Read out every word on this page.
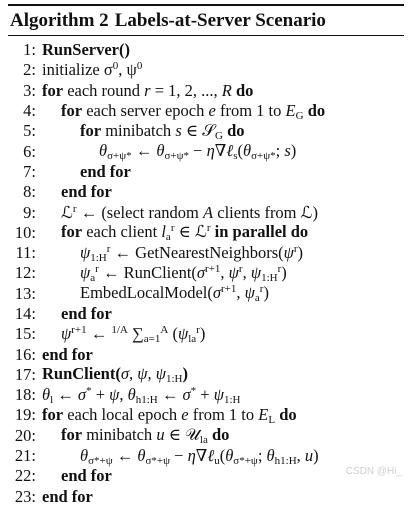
Algorithm 2 Labels-at-Server Scenario
1: RunServer()
2: initialize $\sigma^0$, $\psi^0$
3: for each round r = 1, 2, ..., R do
4:	for each server epoch e from 1 to $E_G$ do
5:	for minibatch s ∈ 𝒮$_G$ do
6:	$\theta_{\sigma+\psi*}$ ← $\theta_{\sigma+\psi*}$ − $\eta\nabla\ell_s(\theta_{\sigma+\psi*}$; s)
7:	end for
8:	end for
9:	ℒ$^r$ ← (select random A clients from ℒ)
10:	for each client $l_a^r$ ∈ ℒ$^r$ in parallel do
11:	$\psi_{1:H}^r$ ← $GetNearestNeighbors(\psi^r)$
12:	$\psi_a^r$ ← $RunClient(\sigma^{r+1}$, $\psi^r$, $\psi_{1:H}^r$)
13:	$EmbedLocalModel(\sigma^{r+1}$, $\psi_a^r$)
14:	end for
15:	$\psi^{r+1}$ ← $^{1/A}$ $\sum_{a=1}^A$ $(\psi_{la}^r)$
16: end for
17: RunClient(σ, ψ, $\psi_{1:H}$)
18: $\theta_l$ ← σ* + ψ, $\theta_{h1:H}$ ← $\sigma^* + \psi_{1:H}$
19: for each local epoch e from 1 to $E_L$ do
20:	for minibatch u ∈ 𝒰$_{la}$ do
21:	$\theta_{\sigma*+\psi}$ ← $\theta_{\sigma*+\psi}$ − $\eta\nabla\ell_u(\theta_{\sigma*+\psi}$; $\theta_{h1:H}$, u)
22:	end for
23: end for
CSDN @Hi_
